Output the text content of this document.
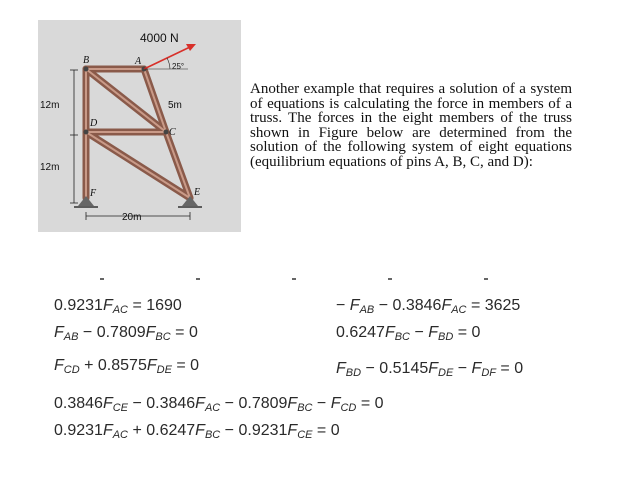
4000 N
25°
12m
12m
20m
5m
B	A
C
D
E
F

Another example that requires a solution of a system of equations is calculating the force in members of a truss. The forces in the eight members of the truss shown in Figure below are determined from the solution of the following system of eight equations (equilibrium equations of pins A, B, C, and D):

$0.9231F_{AC} = 1690$
$F_{AB} - 0.7809F_{BC} = 0$
$F_{CD} + 0.8575F_{DE} = 0$
$0.3846F_{CE} - 0.3846F_{AC} - 0.7809F_{BC} - F_{CD} = 0$
$0.9231F_{AC} + 0.6247F_{BC} - 0.9231F_{CE} = 0$
− $F_{AB} - 0.3846F_{AC} = 3625$
$0.6247F_{BC} - F_{BD} = 0$
$F_{BD} - 0.5145F_{DE} - F_{DF} = 0$
